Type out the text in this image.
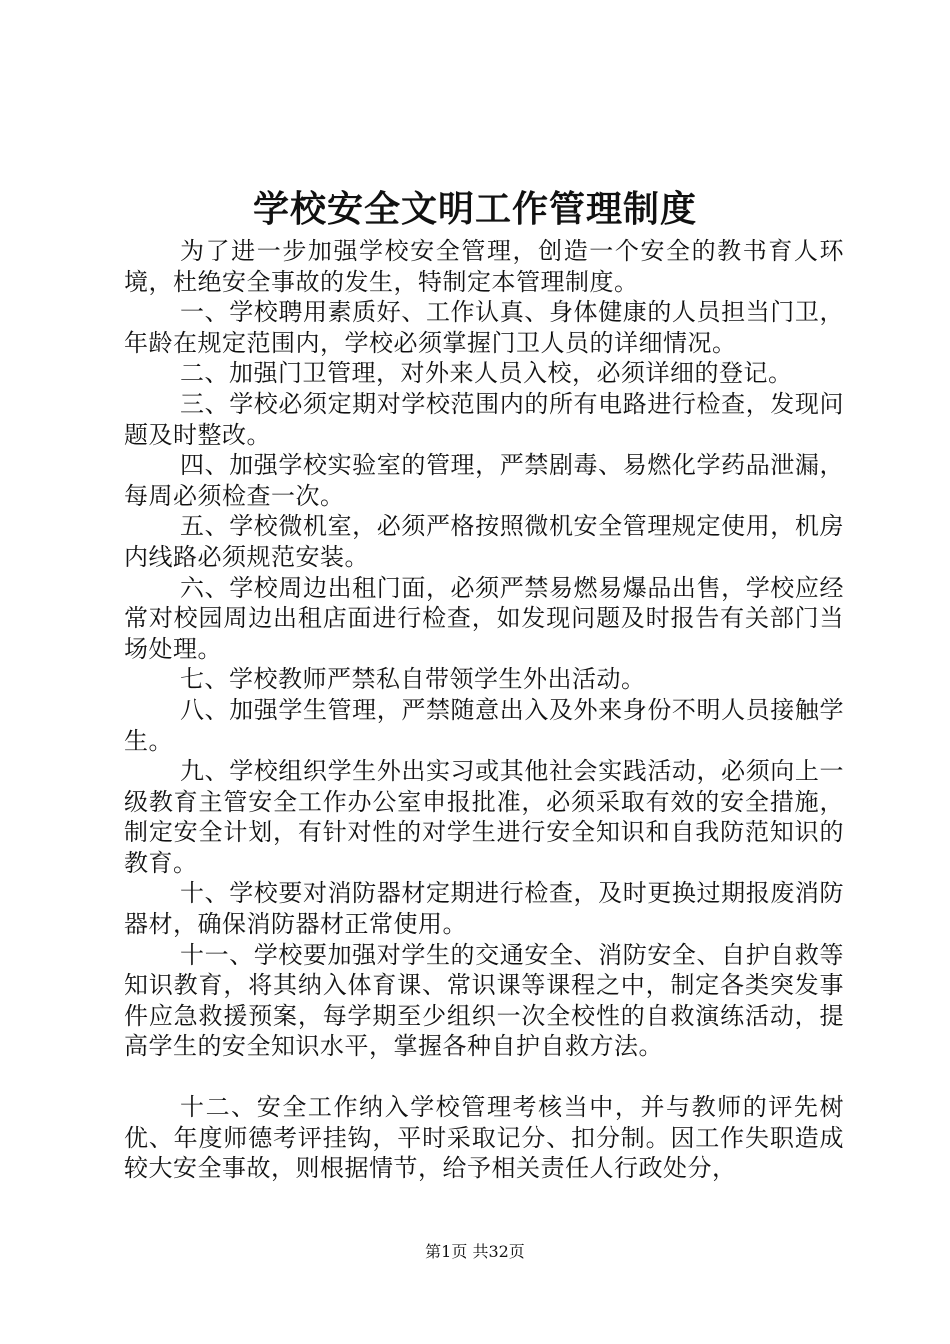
学校安全文明工作管理制度

为了进一步加强学校安全管理，创造一个安全的教书育人环境，杜绝安全事故的发生，特制定本管理制度。

一、学校聘用素质好、工作认真、身体健康的人员担当门卫，年龄在规定范围内，学校必须掌握门卫人员的详细情况。

二、加强门卫管理，对外来人员入校，必须详细的登记。

三、学校必须定期对学校范围内的所有电路进行检查，发现问题及时整改。

四、加强学校实验室的管理，严禁剧毒、易燃化学药品泄漏，每周必须检查一次。

五、学校微机室，必须严格按照微机安全管理规定使用，机房内线路必须规范安装。

六、学校周边出租门面，必须严禁易燃易爆品出售，学校应经常对校园周边出租店面进行检查，如发现问题及时报告有关部门当场处理。

七、学校教师严禁私自带领学生外出活动。

八、加强学生管理，严禁随意出入及外来身份不明人员接触学生。

九、学校组织学生外出实习或其他社会实践活动，必须向上一级教育主管安全工作办公室申报批准，必须采取有效的安全措施，制定安全计划，有针对性的对学生进行安全知识和自我防范知识的教育。

十、学校要对消防器材定期进行检查，及时更换过期报废消防器材，确保消防器材正常使用。

十一、学校要加强对学生的交通安全、消防安全、自护自救等知识教育，将其纳入体育课、常识课等课程之中，制定各类突发事件应急救援预案，每学期至少组织一次全校性的自救演练活动，提高学生的安全知识水平，掌握各种自护自救方法。

十二、安全工作纳入学校管理考核当中，并与教师的评先树优、年度师德考评挂钩，平时采取记分、扣分制。因工作失职造成较大安全事故，则根据情节，给予相关责任人行政处分，

第1页 共32页
